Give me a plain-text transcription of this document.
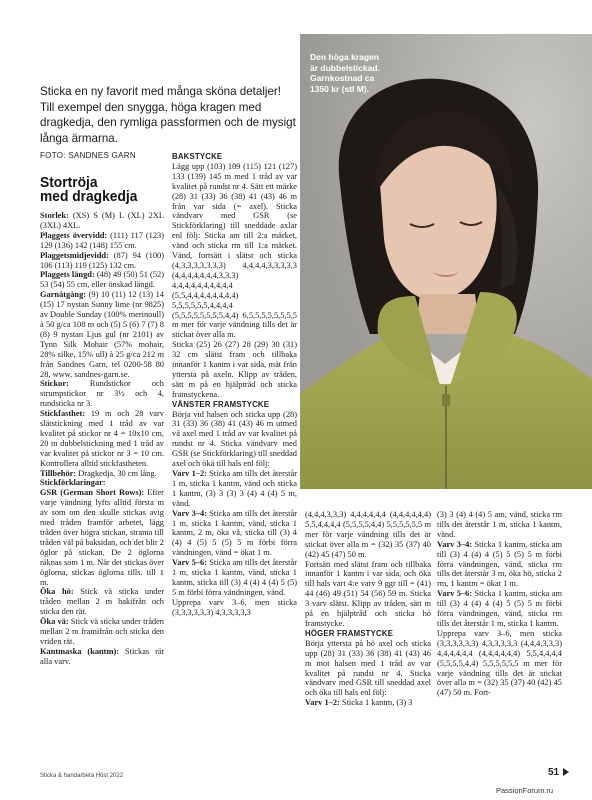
Den höga kragen
är dubbelstickad.
Garnkostnad ca
1350 kr (stl M).
Sticka en ny favorit med många sköna detaljer! Till exempel den snygga, höga kragen med dragkedja, den rymliga passformen och de mysigt långa ärmarna.
FOTO: SANDNES GARN
Stortröja
med dragkedja

Storlek: (XS) S (M) L (XL) 2XL (3XL) 4XL.

Plaggets övervidd: (111) 117 (123) 129 (136) 142 (148) 155 cm.

Plaggetsmidjevidd: (87) 94 (100) 106 (113) 119 (125) 132 cm.

Plaggets längd: (48) 49 (50) 51 (52) 53 (54) 55 cm, eller önskad längd.

Garnåtgång: (9) 10 (11) 12 (13) 14 (15) 17 nystan Sunny lime (nr 9825) av Double Sunday (100% merinoull) à 50 g/ca 108 m och (5) 5 (6) 7 (7) 8 (8) 9 nystan Ljus gul (nr 2101) av Tynn Silk Mohair (57% mohair, 28% silke, 15% ull) à 25 g/ca 212 m från Sandnes Garn, tel 0200-58 80 28, www. sandnes-garn.se.

Stickor: Rundstickor och strumpstickor nr 3½ och 4, rundsticka nr 3.

Stickfasthet: 19 m och 28 varv slätstickning med 1 tråd av var kvalitet på stickor nr 4 = 10x10 cm, 20 m dubbelstickning med 1 tråd av var kvalitet på stickor nr 3 = 10 cm. Kontrollera alltid stickfastheten.

Tillbehör: Dragkedja, 30 cm lång.

Stickförklaringar:

GSR (German Short Rows): Efter varje vändning lyfts alltid första m av som om den skulle stickas avig med tråden framför arbetet, lägg tråden över högra stickan, strama till tråden väl på baksidan, och det blir 2 öglor på stickan. De 2 öglorna räknas som 1 m. När det stickas över öglorna, stickas öglorna tills. till 1 m.

Öka hö: Stick vä sticka under tråden mellan 2 m bakifrån och sticka den rät.

Öka vä: Stick vä sticka under tråden mellan 2 m framifrån och sticka den vriden rät.

Kantmaska (kantm): Stickas rät alla varv.

BAKSTYCKE

Lägg upp (103) 109 (115) 121 (127) 133 (139) 145 m med 1 tråd av var kvalitet på rundst nr 4. Sätt ett märke (28) 31 (33) 36 (38) 41 (43) 46 m från var sida (= axel). Sticka vändvarv med GSR (se Stickförklaring) till sneddade axlar enl följ: Sticka am till 2:a märket, vänd och sticka rm till 1:a märket. Vänd, fortsätt i slätst och sticka (4,3,3,3,3,3,3,3) 4,4,4,4,3,3,3,3,3 (4,4,4,4,4,4,4,3,3,3) 4,4,4,4,4,4,4,4,4,4 (5,5,4,4,4,4,4,4,4,4) 5,5,5,5,5,5,4,4,4,4 (5,5,5,5,5,5,5,5,4,4) 6,5,5,5,5,5,5,5,5 m mer för varje vändning tills det är stickat över alla m.

Sticka (25) 26 (27) 28 (29) 30 (31) 32 cm slätst fram och tillbaka innanför 1 kantm i var sida, mät från yttersta på axeln. Klipp av tråden, sätt m på en hjälptråd och sticka framstyckena.

VÄNSTER FRAMSTYCKE

Börja vid halsen och sticka upp (28) 31 (33) 36 (38) 41 (43) 46 m utmed vä axel med 1 tråd av var kvalitet på rundst nr 4. Sticka vändvarv med GSR (se Stickförklaring) till sneddad axel och ökä till hals enl följ:

Varv 1–2: Sticka am tills det återstår 1 m, sticka 1 kantm, vänd och sticka 1 kantm, (3) 3 (3) 3 (4) 4 (4) 5 m, vänd.

Varv 3–4: Sticka am tills det återstår 1 m, sticka 1 kantm, vänd, sticka 1 kantm, 2 m, öka vä, sticka till (3) 4 (4) 4 (5) 5 (5) 5 m förbi förra vändningen, vänd = ökat 1 m.

Varv 5–6: Sticka am tills det återstår 1 m, sticka 1 kantm, vänd, sticka 1 kantm, sticka till (3) 4 (4) 4 (4) 5 (5) 5 m förbi förra vändningen, vänd.

Upprepa varv 3–6, men sticka (3,3,3,3,3,3) 4,3,3,3,3,3

(4,4,4,3,3,3) 4,4,4,4,4,4 (4,4,4,4,4,4) 5,5,4,4,4,4 (5,5,5,5,4,4) 5,5,5,5,5,5 m mer för varje vändning tills det är stickat över alla m = (32) 35 (37) 40 (42) 45 (47) 50 m.

Fortsätt med slätst fram och tillbaka innanför 1 kantm i var sida, och öka till hals vart 4:e varv 9 ggr till = (41) 44 (46) 49 (51) 54 (56) 59 m. Sticka 3 varv slätst. Klipp av tråden, sätt m på en hjälptråd och sticka hö framstycke.

HÖGER FRAMSTYCKE

Börja yttersta på hö axel och sticka upp (28) 31 (33) 36 (38) 41 (43) 46 m mot halsen med 1 tråd av var kvalitet på rundst nr 4. Sticka vändvarv med GSR till sneddad axel och öka till hals enl följ:

Varv 1–2: Sticka 1 kantm, (3) 3

(3) 3 (4) 4 (4) 5 am, vänd, sticka rm tills det återstår 1 m, sticka 1 kantm, vänd.

Varv 3–4: Sticka 1 kantm, sticka am till (3) 4 (4) 4 (5) 5 (5) 5 m förbi förra vändningen, vänd, sticka rm tills det återstår 3 m, öka hö, sticka 2 rm, 1 kantm = ökat 1 m.

Varv 5–6: Sticka 1 kantm, sticka am till (3) 4 (4) 4 (4) 5 (5) 5 m förbi förra vändningen, vänd, sticka rm tills det återstår 1 m, sticka 1 kantm.

Upprepa varv 3–6, men sticka (3,3,3,3,3,3) 4,3,3,3,3,3 (4,4,4,3,3,3) 4,4,4,4,4,4 (4,4,4,4,4,4) 5,5,4,4,4,4 (5,5,5,5,4,4) 5,5,5,5,5,5 m mer för varje vändning tills det är stickat över alla m = (32) 35 (37) 40 (42) 45 (47) 50 m. Fort-

Sticka & handarbeta Höst 2022	51
PassionForum.ru
